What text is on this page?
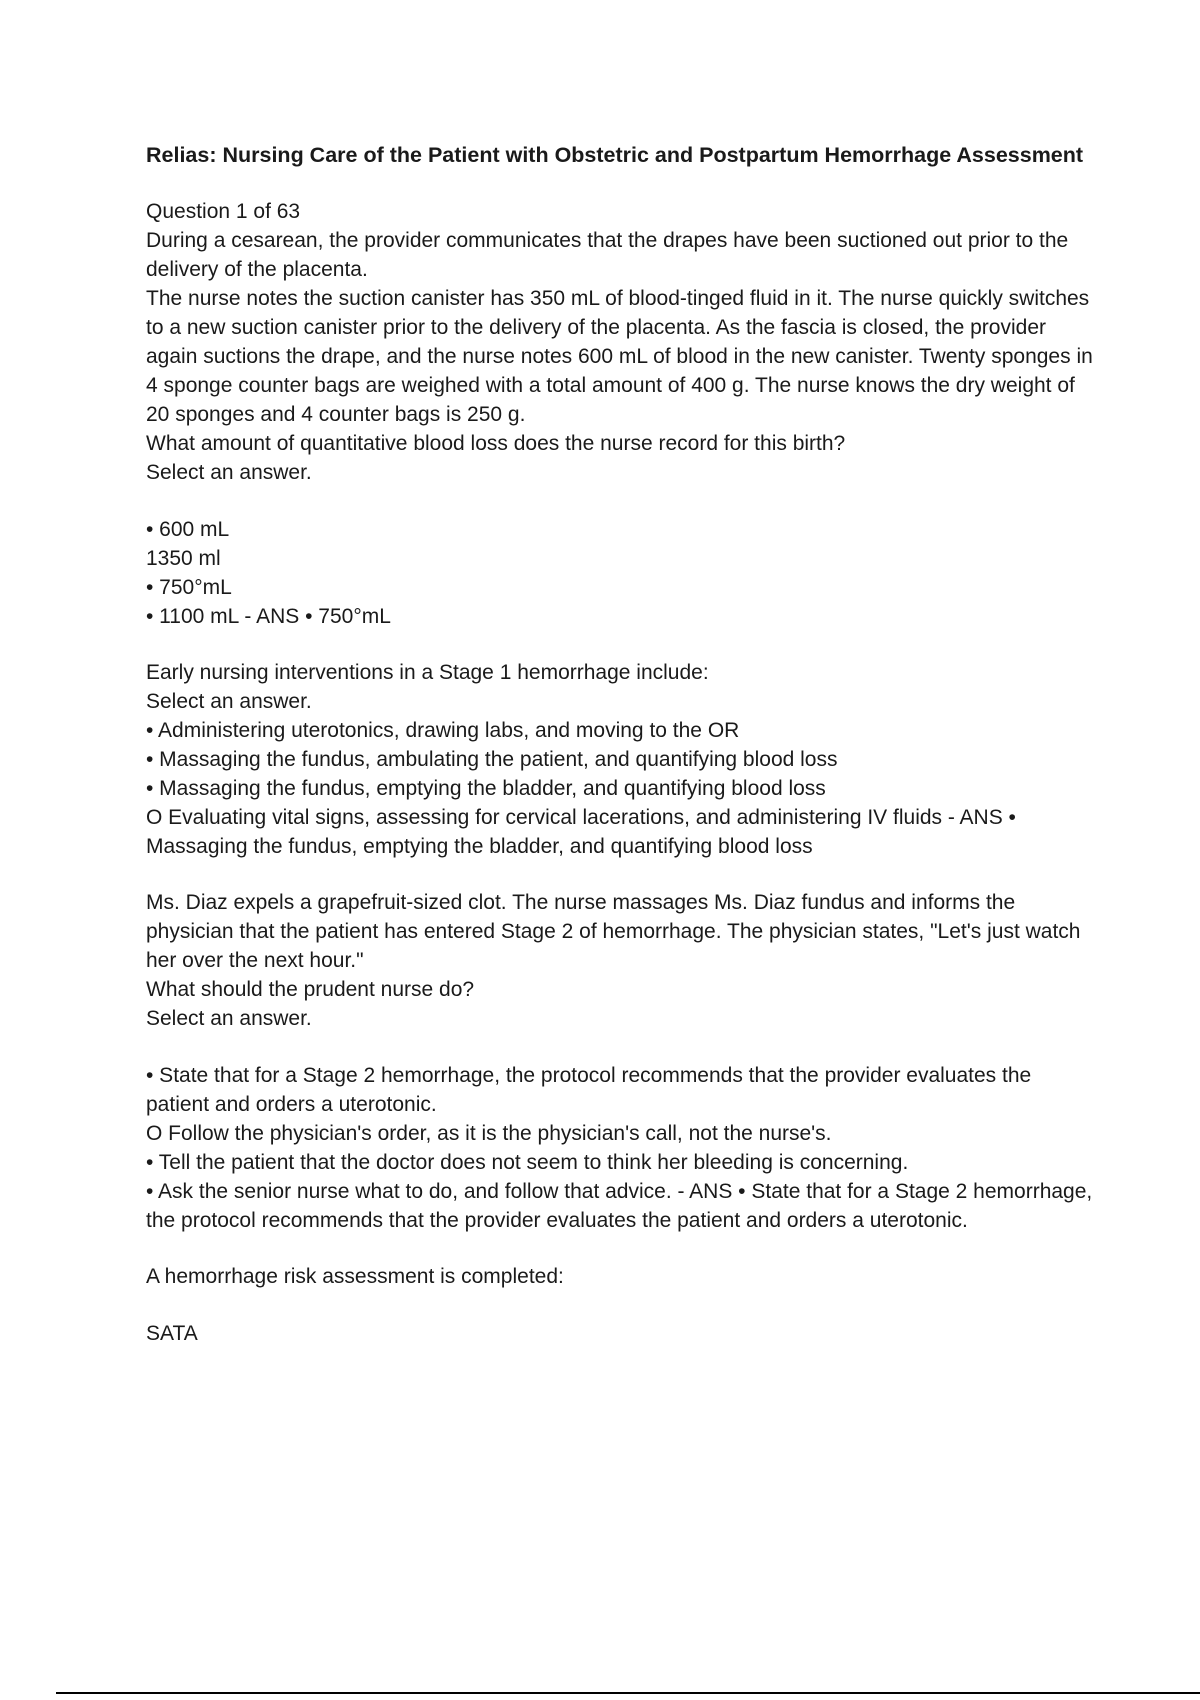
Relias: Nursing Care of the Patient with Obstetric and Postpartum Hemorrhage Assessment
Question 1 of 63
During a cesarean, the provider communicates that the drapes have been suctioned out prior to the delivery of the placenta.
The nurse notes the suction canister has 350 mL of blood-tinged fluid in it. The nurse quickly switches to a new suction canister prior to the delivery of the placenta. As the fascia is closed, the provider again suctions the drape, and the nurse notes 600 mL of blood in the new canister. Twenty sponges in 4 sponge counter bags are weighed with a total amount of 400 g. The nurse knows the dry weight of 20 sponges and 4 counter bags is 250 g.
What amount of quantitative blood loss does the nurse record for this birth?
Select an answer.
• 600 mL
1350 ml
• 750°mL
• 1100 mL - ANS • 750°mL
Early nursing interventions in a Stage 1 hemorrhage include:
Select an answer.
• Administering uterotonics, drawing labs, and moving to the OR
• Massaging the fundus, ambulating the patient, and quantifying blood loss
• Massaging the fundus, emptying the bladder, and quantifying blood loss
O Evaluating vital signs, assessing for cervical lacerations, and administering IV fluids - ANS • Massaging the fundus, emptying the bladder, and quantifying blood loss
Ms. Diaz expels a grapefruit-sized clot. The nurse massages Ms. Diaz fundus and informs the physician that the patient has entered Stage 2 of hemorrhage. The physician states, "Let's just watch her over the next hour."
What should the prudent nurse do?
Select an answer.
• State that for a Stage 2 hemorrhage, the protocol recommends that the provider evaluates the patient and orders a uterotonic.
O Follow the physician's order, as it is the physician's call, not the nurse's.
• Tell the patient that the doctor does not seem to think her bleeding is concerning.
• Ask the senior nurse what to do, and follow that advice. - ANS • State that for a Stage 2 hemorrhage, the protocol recommends that the provider evaluates the patient and orders a uterotonic.
A hemorrhage risk assessment is completed:
SATA
